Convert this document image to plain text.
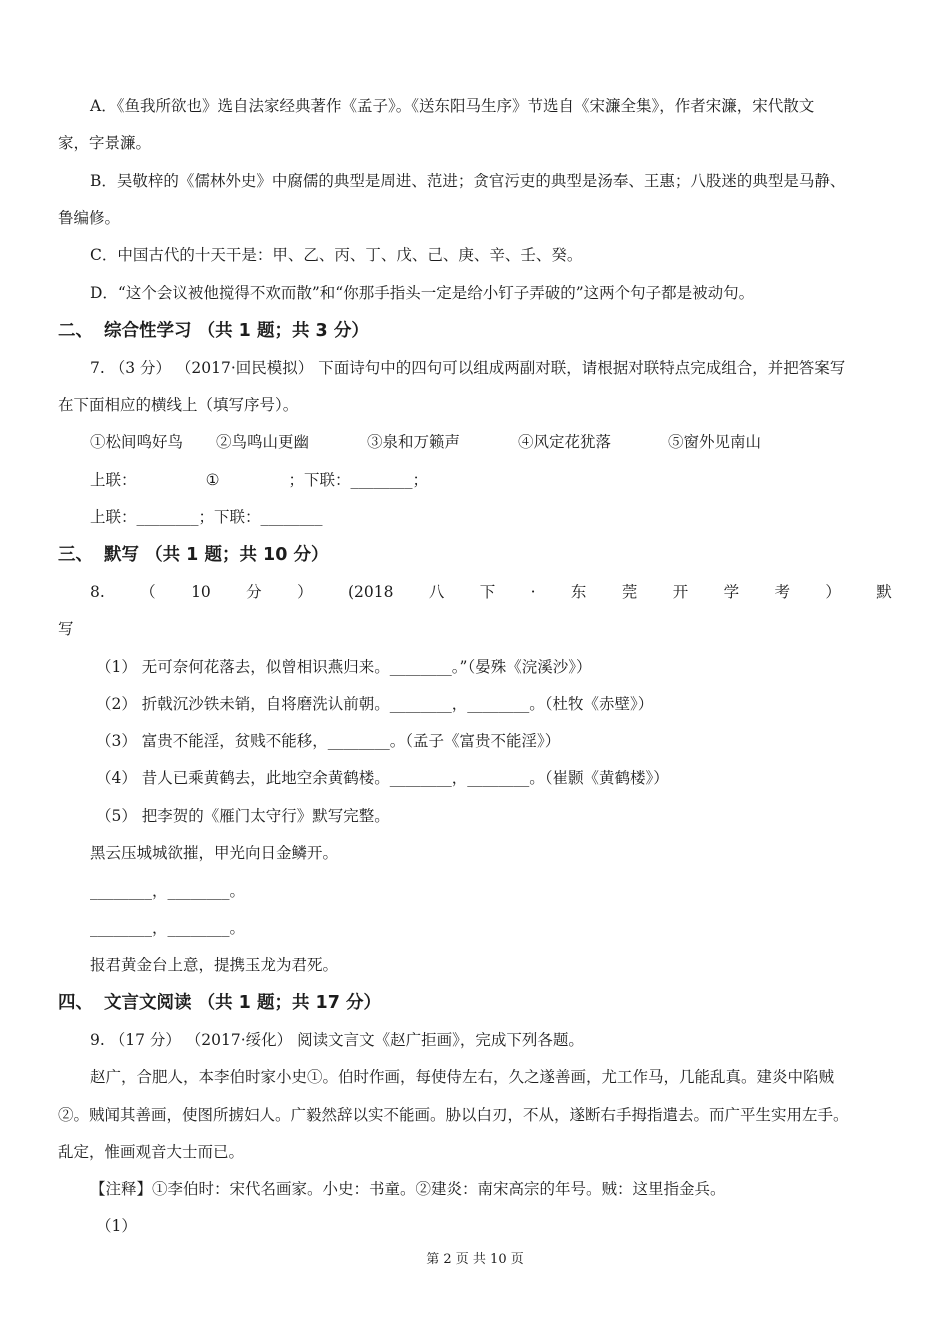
A．《鱼我所欲也》选自法家经典著作《孟子》。《送东阳马生序》节选自《宋濂全集》，作者宋濂，宋代散文
家，字景濂。
B．吴敬梓的《儒林外史》中腐儒的典型是周进、范进；贪官污吏的典型是汤奉、王惠；八股迷的典型是马静、
鲁编修。
C．中国古代的十天干是：甲、乙、丙、丁、戊、己、庚、辛、壬、癸。
D．“这个会议被他搅得不欢而散”和“你那手指头一定是给小钉子弄破的”这两个句子都是被动句。
二、 综合性学习 （共 1 题；共 3 分）
7. （3 分） （2017·回民模拟） 下面诗句中的四句可以组成两副对联，请根据对联特点完成组合，并把答案写
在下面相应的横线上（填写序号）。
①松间鸣好鸟 ②鸟鸣山更幽	③泉和万籁声	④风定花犹落	⑤窗外见南山
上联：	①	；下联：________；
上联：________；下联：________
三、 默写 （共 1 题；共 10 分）
8. （ 10 分 ） (2018 八 下 · 东 莞 开 学 考 ） 默
写
（1） 无可奈何花落去，似曾相识燕归来。________。”（晏殊《浣溪沙》）
（2） 折戟沉沙铁未销，自将磨洗认前朝。________，________。（杜牧《赤壁》）
（3） 富贵不能淫，贫贱不能移，________。（孟子《富贵不能淫》）
（4） 昔人已乘黄鹤去，此地空余黄鹤楼。________，________。（崔颢《黄鹤楼》）
（5） 把李贺的《雁门太守行》默写完整。
黑云压城城欲摧，甲光向日金鳞开。
________，________。
________，________。
报君黄金台上意，提携玉龙为君死。
四、 文言文阅读 （共 1 题；共 17 分）
9. （17 分） （2017·绥化） 阅读文言文《赵广拒画》，完成下列各题。
赵广，合肥人，本李伯时家小史①。伯时作画，每使侍左右，久之遂善画，尤工作马，几能乱真。建炎中陷贼
②。贼闻其善画，使图所掳妇人。广毅然辞以实不能画。胁以白刃，不从，遂断右手拇指遣去。而广平生实用左手。
乱定，惟画观音大士而已。
【注释】①李伯时：宋代名画家。小史：书童。②建炎：南宋高宗的年号。贼：这里指金兵。
（1）
第 2 页 共 10 页
